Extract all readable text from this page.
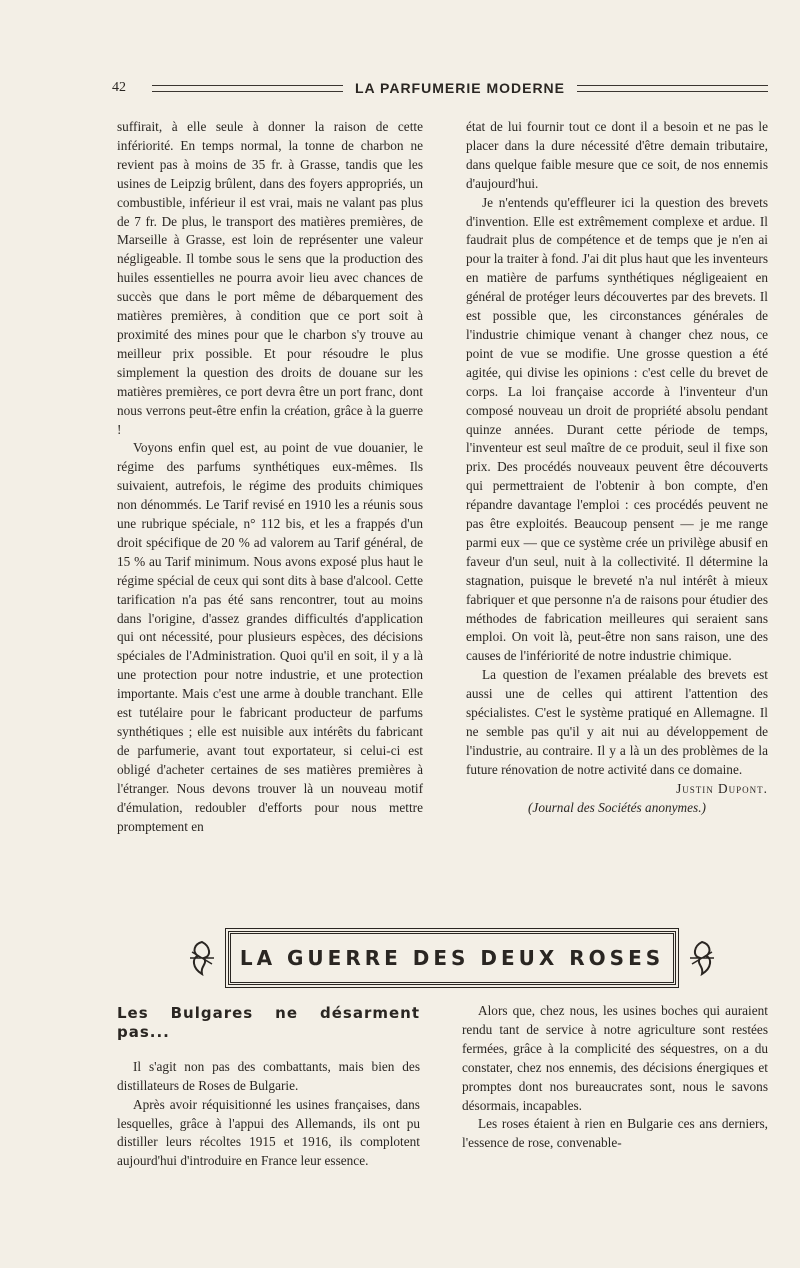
42	LA PARFUMERIE MODERNE

suffirait, à elle seule à donner la raison de cette infériorité. En temps normal, la tonne de charbon ne revient pas à moins de 35 fr. à Grasse, tandis que les usines de Leipzig brûlent, dans des foyers appropriés, un combustible, inférieur il est vrai, mais ne valant pas plus de 7 fr. De plus, le transport des matières premières, de Marseille à Grasse, est loin de représenter une valeur négligeable. Il tombe sous le sens que la production des huiles essentielles ne pourra avoir lieu avec chances de succès que dans le port même de débarquement des matières premières, à condition que ce port soit à proximité des mines pour que le charbon s'y trouve au meilleur prix possible. Et pour résoudre le plus simplement la question des droits de douane sur les matières premières, ce port devra être un port franc, dont nous verrons peut-être enfin la création, grâce à la guerre !

Voyons enfin quel est, au point de vue douanier, le régime des parfums synthétiques eux-mêmes. Ils suivaient, autrefois, le régime des produits chimiques non dénommés. Le Tarif revisé en 1910 les a réunis sous une rubrique spéciale, n° 112 bis, et les a frappés d'un droit spécifique de 20 % ad valorem au Tarif général, de 15 % au Tarif minimum. Nous avons exposé plus haut le régime spécial de ceux qui sont dits à base d'alcool. Cette tarification n'a pas été sans rencontrer, tout au moins dans l'origine, d'assez grandes difficultés d'application qui ont nécessité, pour plusieurs espèces, des décisions spéciales de l'Administration. Quoi qu'il en soit, il y a là une protection pour notre industrie, et une protection importante. Mais c'est une arme à double tranchant. Elle est tutélaire pour le fabricant producteur de parfums synthétiques ; elle est nuisible aux intérêts du fabricant de parfumerie, avant tout exportateur, si celui-ci est obligé d'acheter certaines de ses matières premières à l'étranger. Nous devons trouver là un nouveau motif d'émulation, redoubler d'efforts pour nous mettre promptement en

état de lui fournir tout ce dont il a besoin et ne pas le placer dans la dure nécessité d'être demain tributaire, dans quelque faible mesure que ce soit, de nos ennemis d'aujourd'hui.

Je n'entends qu'effleurer ici la question des brevets d'invention. Elle est extrêmement complexe et ardue. Il faudrait plus de compétence et de temps que je n'en ai pour la traiter à fond. J'ai dit plus haut que les inventeurs en matière de parfums synthétiques négligeaient en général de protéger leurs découvertes par des brevets. Il est possible que, les circonstances générales de l'industrie chimique venant à changer chez nous, ce point de vue se modifie. Une grosse question a été agitée, qui divise les opinions : c'est celle du brevet de corps. La loi française accorde à l'inventeur d'un composé nouveau un droit de propriété absolu pendant quinze années. Durant cette période de temps, l'inventeur est seul maître de ce produit, seul il fixe son prix. Des procédés nouveaux peuvent être découverts qui permettraient de l'obtenir à bon compte, d'en répandre davantage l'emploi : ces procédés peuvent ne pas être exploités. Beaucoup pensent — je me range parmi eux — que ce système crée un privilège abusif en faveur d'un seul, nuit à la collectivité. Il détermine la stagnation, puisque le breveté n'a nul intérêt à mieux fabriquer et que personne n'a de raisons pour étudier des méthodes de fabrication meilleures qui seraient sans emploi. On voit là, peut-être non sans raison, une des causes de l'infériorité de notre industrie chimique.

La question de l'examen préalable des brevets est aussi une de celles qui attirent l'attention des spécialistes. C'est le système pratiqué en Allemagne. Il ne semble pas qu'il y ait nui au développement de l'industrie, au contraire. Il y a là un des problèmes de la future rénovation de notre activité dans ce domaine.

Justin Dupont.
(Journal des Sociétés anonymes.)
LA GUERRE DES DEUX ROSES
Les Bulgares ne désarment pas...

Il s'agit non pas des combattants, mais bien des distillateurs de Roses de Bulgarie.

Après avoir réquisitionné les usines françaises, dans lesquelles, grâce à l'appui des Allemands, ils ont pu distiller leurs récoltes 1915 et 1916, ils complotent aujourd'hui d'introduire en France leur essence.

Alors que, chez nous, les usines boches qui auraient rendu tant de service à notre agriculture sont restées fermées, grâce à la complicité des séquestres, on a du constater, chez nos ennemis, des décisions énergiques et promptes dont nos bureaucrates sont, nous le savons désormais, incapables.

Les roses étaient à rien en Bulgarie ces ans derniers, l'essence de rose, convenable-
